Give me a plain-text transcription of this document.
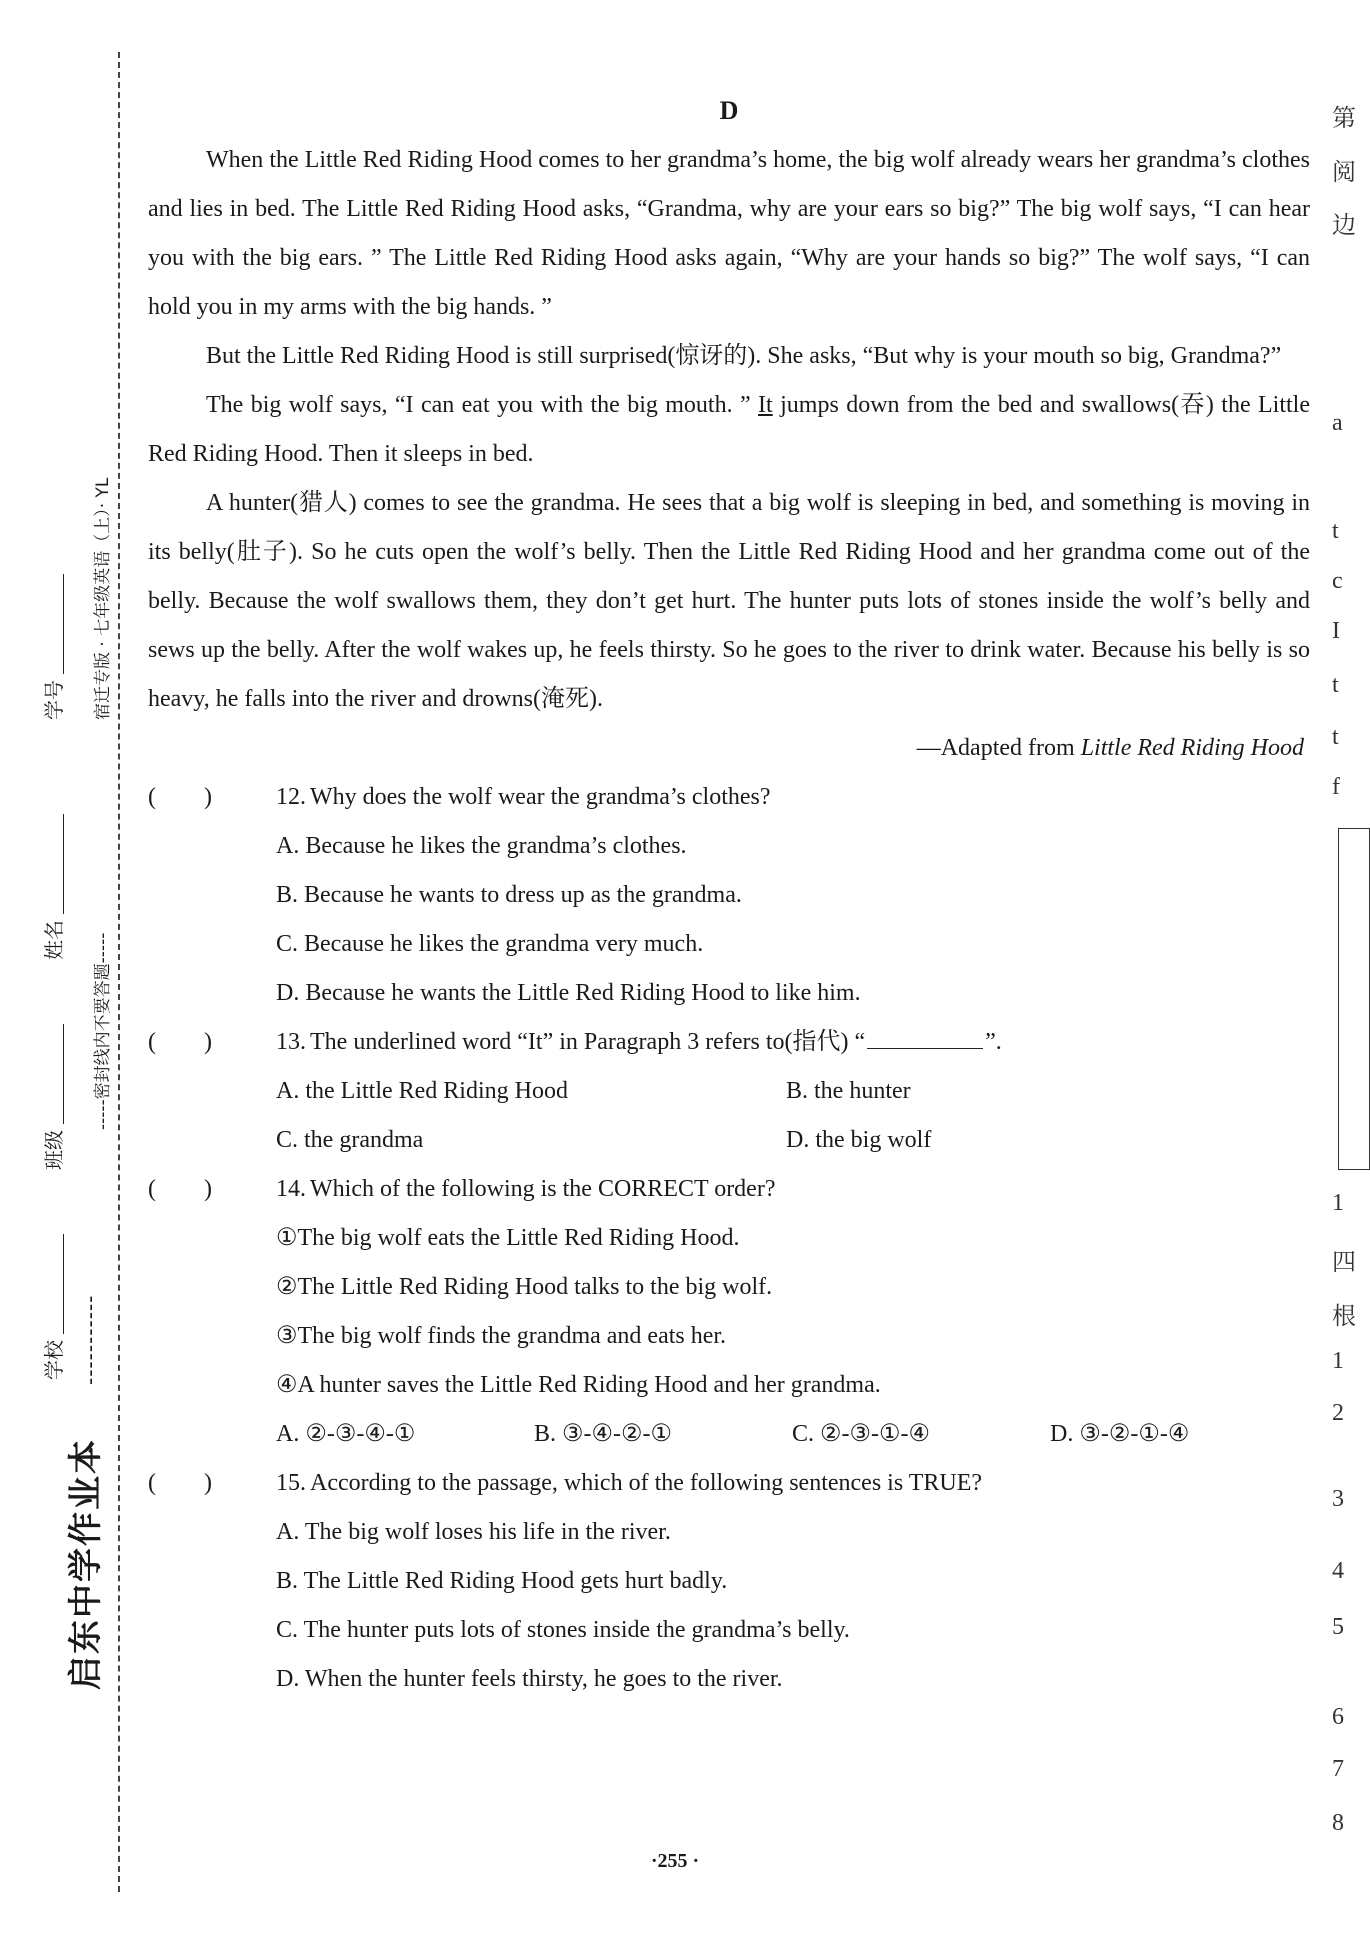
启东中学作业本
-----------
学校
班级
姓名
学号
-----密封线内不要答题-----
宿迁专版 · 七年级英语（上）· YL
D

When the Little Red Riding Hood comes to her grandma’s home, the big wolf already wears her grandma’s clothes and lies in bed. The Little Red Riding Hood asks, “Grandma, why are your ears so big?” The big wolf says, “I can hear you with the big ears. ” The Little Red Riding Hood asks again, “Why are your hands so big?” The wolf says, “I can hold you in my arms with the big hands. ”

But the Little Red Riding Hood is still surprised(惊讶的). She asks, “But why is your mouth so big, Grandma?”

The big wolf says, “I can eat you with the big mouth. ” It jumps down from the bed and swallows(吞) the Little Red Riding Hood. Then it sleeps in bed.

A hunter(猎人) comes to see the grandma. He sees that a big wolf is sleeping in bed, and something is moving in its belly(肚子). So he cuts open the wolf’s belly. Then the Little Red Riding Hood and her grandma come out of the belly. Because the wolf swallows them, they don’t get hurt. The hunter puts lots of stones inside the wolf’s belly and sews up the belly. After the wolf wakes up, he feels thirsty. So he goes to the river to drink water. Because his belly is so heavy, he falls into the river and drowns(淹死).

—Adapted from Little Red Riding Hood
(　　)	12. Why does the wolf wear the grandma’s clothes?
A. Because he likes the grandma’s clothes.
B. Because he wants to dress up as the grandma.
C. Because he likes the grandma very much.
D. Because he wants the Little Red Riding Hood to like him.
(　　)	13. The underlined word “It” in Paragraph 3 refers to(指代) “	”.
A. the Little Red Riding Hood	B. the hunter
C. the grandma	D. the big wolf
(　　)	14. Which of the following is the CORRECT order?
①The big wolf eats the Little Red Riding Hood.
②The Little Red Riding Hood talks to the big wolf.
③The big wolf finds the grandma and eats her.
④A hunter saves the Little Red Riding Hood and her grandma.
A. ②-③-④-①	B. ③-④-②-①	C. ②-③-①-④	D. ③-②-①-④
(　　)	15. According to the passage, which of the following sentences is TRUE?
A. The big wolf loses his life in the river.
B. The Little Red Riding Hood gets hurt badly.
C. The hunter puts lots of stones inside the grandma’s belly.
D. When the hunter feels thirsty, he goes to the river.
·255 ·
第
阅
边
a
t
c
I
t
t
f
1
四
根
1
2
3
4
5
6
7
8
